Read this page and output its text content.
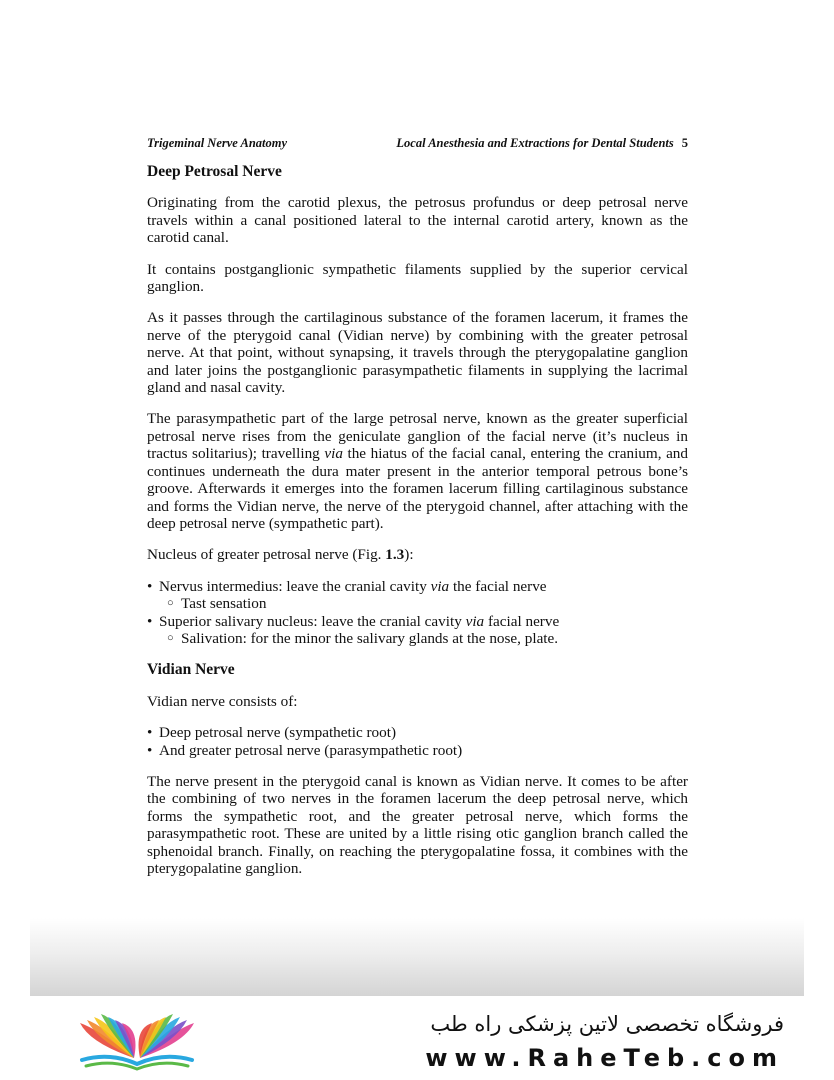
Trigeminal Nerve Anatomy	Local Anesthesia and Extractions for Dental Students 5
Deep Petrosal Nerve

Originating from the carotid plexus, the petrosus profundus or deep petrosal nerve travels within a canal positioned lateral to the internal carotid artery, known as the carotid canal.

It contains postganglionic sympathetic filaments supplied by the superior cervical ganglion.

As it passes through the cartilaginous substance of the foramen lacerum, it frames the nerve of the pterygoid canal (Vidian nerve) by combining with the greater petrosal nerve. At that point, without synapsing, it travels through the pterygopalatine ganglion and later joins the postganglionic parasympathetic filaments in supplying the lacrimal gland and nasal cavity.

The parasympathetic part of the large petrosal nerve, known as the greater superficial petrosal nerve rises from the geniculate ganglion of the facial nerve (it’s nucleus in tractus solitarius); travelling via the hiatus of the facial canal, entering the cranium, and continues underneath the dura mater present in the anterior temporal petrous bone’s groove. Afterwards it emerges into the foramen lacerum filling cartilaginous substance and forms the Vidian nerve, the nerve of the pterygoid channel, after attaching with the deep petrosal nerve (sympathetic part).

Nucleus of greater petrosal nerve (Fig. 1.3):

• Nervus intermedius: leave the cranial cavity via the facial nerve
○ Tast sensation
• Superior salivary nucleus: leave the cranial cavity via facial nerve
○ Salivation: for the minor the salivary glands at the nose, plate.
Vidian Nerve

Vidian nerve consists of:

• Deep petrosal nerve (sympathetic root)
• And greater petrosal nerve (parasympathetic root)

The nerve present in the pterygoid canal is known as Vidian nerve. It comes to be after the combining of two nerves in the foramen lacerum the deep petrosal nerve, which forms the sympathetic root, and the greater petrosal nerve, which forms the parasympathetic root. These are united by a little rising otic ganglion branch called the sphenoidal branch. Finally, on reaching the pterygopalatine fossa, it combines with the pterygopalatine ganglion.

فروشگاه تخصصی لاتین پزشکی راه طب
www.RaheTeb.com
